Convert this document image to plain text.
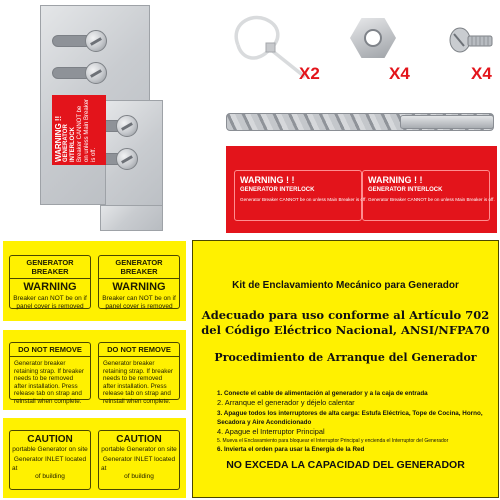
WARNING !! GENERATOR INTERLOCK Breaker CANNOT be on unless Main Breaker is off.
X2	X4	X4
WARNING ! !
GENERATOR INTERLOCK
Generator Breaker CANNOT be on unless Main Breaker is off.
WARNING ! !
GENERATOR INTERLOCK
Generator Breaker CANNOT be on unless Main Breaker is off.
GENERATOR BREAKER
WARNING
Breaker can NOT be on if panel cover is removed
GENERATOR BREAKER
WARNING
Breaker can NOT be on if panel cover is removed
DO NOT REMOVE
Generator breaker retaining strap. If breaker needs to be removed after installation. Press release tab on strap and reinstall when complete.
DO NOT REMOVE
Generator breaker retaining strap. If breaker needs to be removed after installation. Press release tab on strap and reinstall when complete.
CAUTION
portable Generator on site
Generator INLET located
at
of building
CAUTION
portable Generator on site
Generator INLET located
at
of building
Kit de Enclavamiento Mecánico para Generador
Adecuado para uso conforme al Artículo 702
del Código Eléctrico Nacional, ANSI/NFPA70
Procedimiento de Arranque del Generador
1. Conecte el cable de alimentación al generador y a la caja de entrada
2. Arranque el generador y déjelo calentar
3. Apague todos los interruptores de alta carga: Estufa Eléctrica, Tope de Cocina, Horno, Secadora y Aire Acondicionado
4. Apague el Interruptor Principal
5. Mueva el Enclavamiento para bloquear el Interruptor Principal y encienda el Interruptor del Generador
6. Invierta el orden para usar la Energía de la Red
NO EXCEDA LA CAPACIDAD DEL GENERADOR
